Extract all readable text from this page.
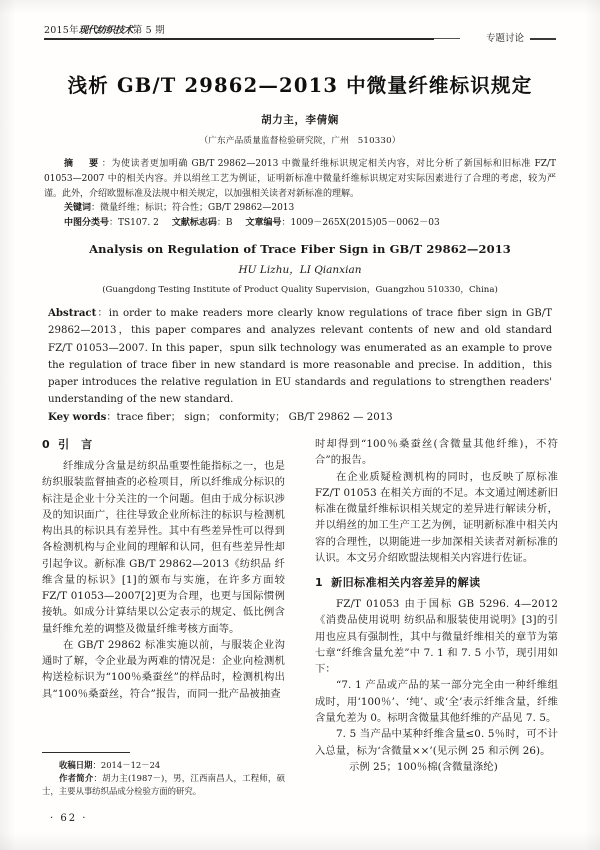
2015年现代纺织技术第 5 期
专题讨论
浅析 GB/T 29862—2013 中微量纤维标识规定
胡力主，李倩娴
（广东产品质量监督检验研究院，广州　510330）

摘　要：为使读者更加明确 GB/T 29862—2013 中微量纤维标识规定相关内容，对比分析了新国标和旧标准 FZ/T 01053—2007 中的相关内容。并以绢丝工艺为例证，证明新标准中微量纤维标识规定对实际因素进行了合理的考虑，较为严谨。此外，介绍欧盟标准及法规中相关规定，以加强相关读者对新标准的理解。

关键词：微量纤维；标识；符合性；GB/T 29862—2013

中图分类号：TS107. 2 文献标志码：B 文章编号：1009－265X(2015)05－0062－03

Analysis on Regulation of Trace Fiber Sign in GB/T 29862—2013
HU Lizhu，LI Qianxian
(Guangdong Testing Institute of Product Quality Supervision，Guangzhou 510330，China)

Abstract：in order to make readers more clearly know regulations of trace fiber sign in GB/T 29862—2013，this paper compares and analyzes relevant contents of new and old standard FZ/T 01053—2007. In this paper，spun silk technology was enumerated as an example to prove the regulation of trace fiber in new standard is more reasonable and precise. In addition，this paper introduces the relative regulation in EU standards and regulations to strengthen readers' understanding of the new standard.

Key words：trace fiber； sign； conformity； GB/T 29862 — 2013
0 引　言

纤维成分含量是纺织品重要性能指标之一，也是纺织服装监督抽查的必检项目，所以纤维成分标识的标注是企业十分关注的一个问题。但由于成分标识涉及的知识面广，往往导致企业所标注的标识与检测机构出具的标识具有差异性。其中有些差异性可以得到各检测机构与企业间的理解和认同，但有些差异性却引起争议。新标准 GB/T 29862—2013《纺织品 纤维含量的标识》[1]的颁布与实施，在许多方面较 FZ/T 01053—2007[2]更为合理，也更与国际惯例接轨。如成分计算结果以公定表示的规定、低比例含量纤维允差的调整及微量纤维考核方面等。

在 GB/T 29862 标准实施以前，与服装企业沟通时了解，令企业最为两难的情况是：企业向检测机构送检标识为“100％桑蚕丝”的样品时，检测机构出具“100％桑蚕丝，符合”报告，而同一批产品被抽查

时却得到“100％桑蚕丝(含微量其他纤维)，不符合”的报告。

在企业质疑检测机构的同时，也反映了原标准 FZ/T 01053 在相关方面的不足。本文通过阐述新旧标准在微量纤维标识相关规定的差异进行解读分析，并以绢丝的加工生产工艺为例，证明新标准中相关内容的合理性，以期能进一步加深相关读者对新标准的认识。本文另介绍欧盟法规相关内容进行佐证。

1 新旧标准相关内容差异的解读

FZ/T 01053 由于国标 GB 5296. 4—2012《消费品使用说明 纺织品和服装使用说明》[3]的引用也应具有强制性，其中与微量纤维相关的章节为第七章“纤维含量允差”中 7. 1 和 7. 5 小节，现引用如下：

“7. 1 产品或产品的某一部分完全由一种纤维组成时，用‘100％’、‘纯’、或‘全’表示纤维含量，纤维含量允差为 0。标明含微量其他纤维的产品见 7. 5。

7. 5 当产品中某种纤维含量≤0. 5％时，可不计入总量，标为‘含微量××’(见示例 25 和示例 26)。

示例 25；100％棉(含微量涤纶)

收稿日期：2014－12－24

作者简介：胡力主(1987－)，男，江西南昌人，工程师，硕士，主要从事纺织品成分检验方面的研究。

· 62 ·
